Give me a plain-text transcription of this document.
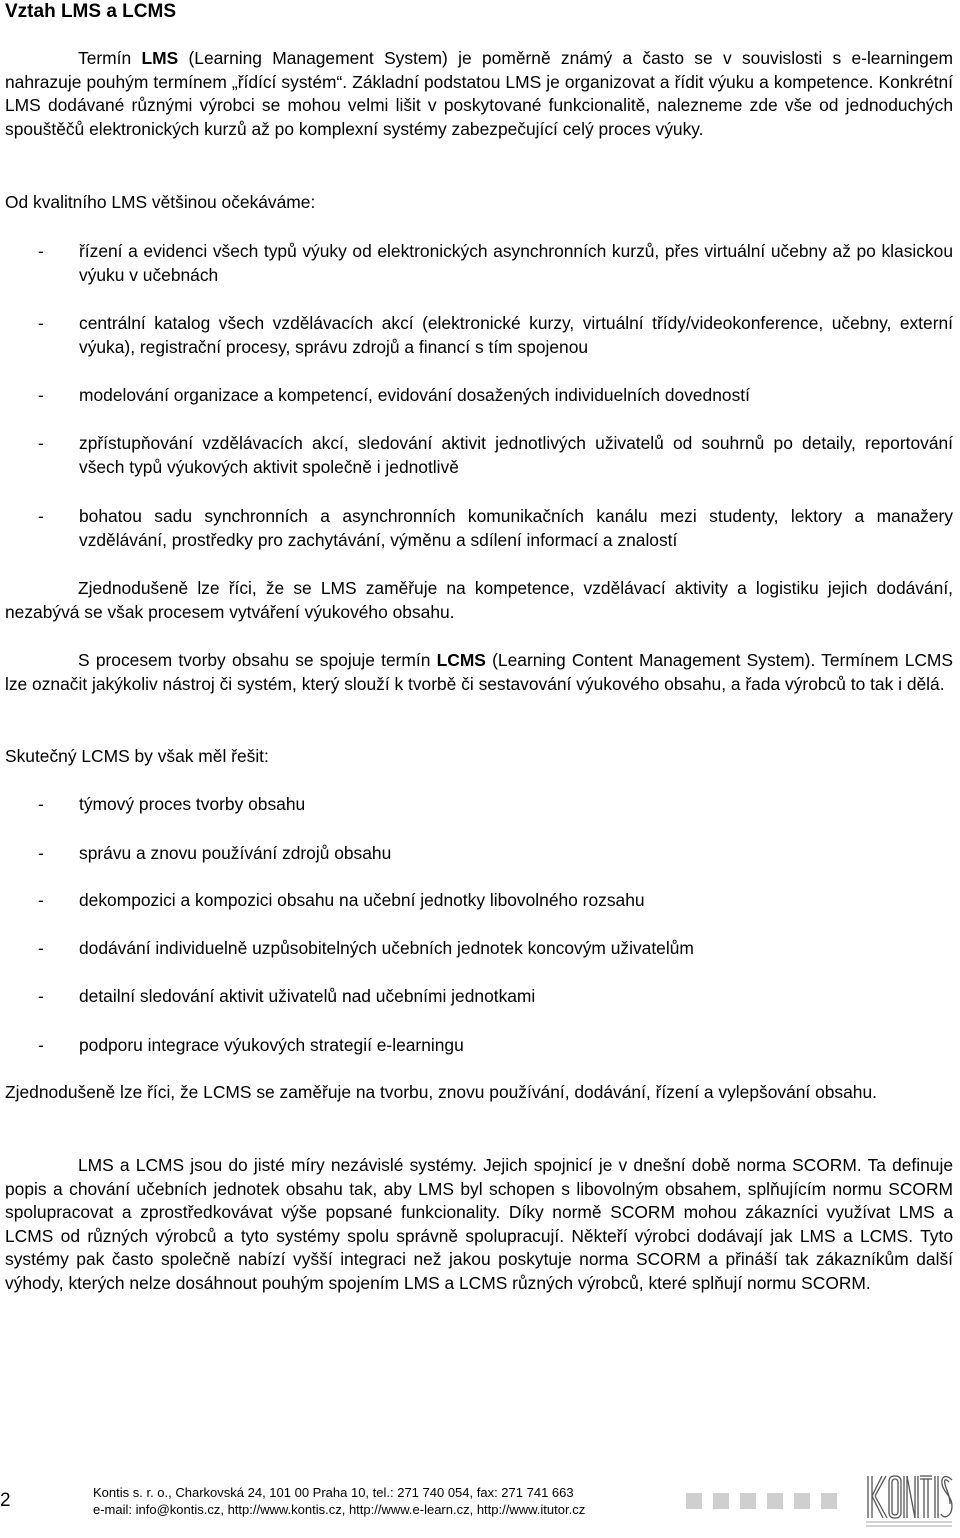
Vztah LMS a LCMS

Termín LMS (Learning Management System) je poměrně známý a často se v souvislosti s e-learningem nahrazuje pouhým termínem „řídící systém“. Základní podstatou LMS je organizovat a řídit výuku a kompetence. Konkrétní LMS dodávané různými výrobci se mohou velmi lišit v poskytované funkcionalitě, nalezneme zde vše od jednoduchých spouštěčů elektronických kurzů až po komplexní systémy zabezpečující celý proces výuky.

Od kvalitního LMS většinou očekáváme:

- řízení a evidenci všech typů výuky od elektronických asynchronních kurzů, přes virtuální učebny až po klasickou výuku v učebnách
- centrální katalog všech vzdělávacích akcí (elektronické kurzy, virtuální třídy/videokonference, učebny, externí výuka), registrační procesy, správu zdrojů a financí s tím spojenou
- modelování organizace a kompetencí, evidování dosažených individuelních dovedností
- zpřístupňování vzdělávacích akcí, sledování aktivit jednotlivých uživatelů od souhrnů po detaily, reportování všech typů výukových aktivit společně i jednotlivě
- bohatou sadu synchronních a asynchronních komunikačních kanálu mezi studenty, lektory a manažery vzdělávání, prostředky pro zachytávání, výměnu a sdílení informací a znalostí

Zjednodušeně lze říci, že se LMS zaměřuje na kompetence, vzdělávací aktivity a logistiku jejich dodávání, nezabývá se však procesem vytváření výukového obsahu.

S procesem tvorby obsahu se spojuje termín LCMS (Learning Content Management System). Termínem LCMS lze označit jakýkoliv nástroj či systém, který slouží k tvorbě či sestavování výukového obsahu, a řada výrobců to tak i dělá.

Skutečný LCMS by však měl řešit:

- týmový proces tvorby obsahu
- správu a znovu používání zdrojů obsahu
- dekompozici a kompozici obsahu na učební jednotky libovolného rozsahu
- dodávání individuelně uzpůsobitelných učebních jednotek koncovým uživatelům
- detailní sledování aktivit uživatelů nad učebními jednotkami
- podporu integrace výukových strategií e-learningu

Zjednodušeně lze říci, že LCMS se zaměřuje na tvorbu, znovu používání, dodávání, řízení a vylepšování obsahu.

LMS a LCMS jsou do jisté míry nezávislé systémy. Jejich spojnicí je v dnešní době norma SCORM. Ta definuje popis a chování učebních jednotek obsahu tak, aby LMS byl schopen s libovolným obsahem, splňujícím normu SCORM spolupracovat a zprostředkovávat výše popsané funkcionality. Díky normě SCORM mohou zákazníci využívat LMS a LCMS od různých výrobců a tyto systémy spolu správně spolupracují. Někteří výrobci dodávají jak LMS a LCMS. Tyto systémy pak často společně nabízí vyšší integraci než jakou poskytuje norma SCORM a přináší tak zákazníkům další výhody, kterých nelze dosáhnout pouhým spojením LMS a LCMS různých výrobců, které splňují normu SCORM.

2	Kontis s. r. o., Charkovská 24, 101 00 Praha 10, tel.: 271 740 054, fax: 271 741 663
e-mail: info@kontis.cz, http://www.kontis.cz, http://www.e-learn.cz, http://www.itutor.cz
